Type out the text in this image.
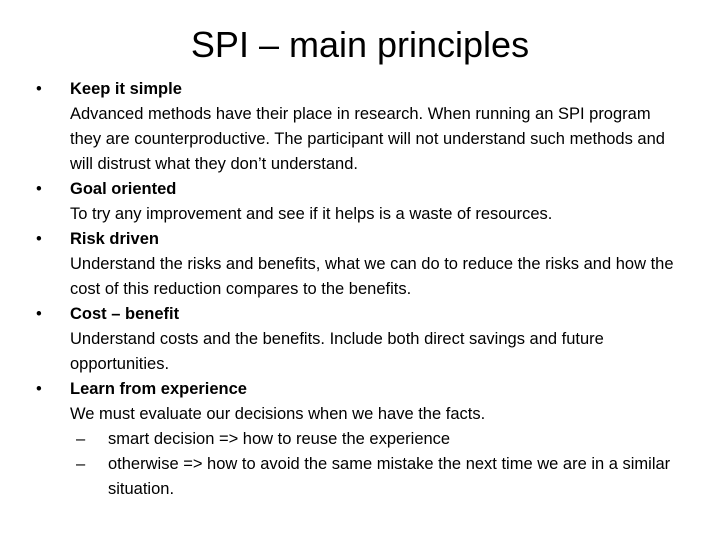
SPI – main principles
•	Keep it simple
Advanced methods have their place in research. When running an SPI program they are counterproductive. The participant will not understand such methods and will distrust what they don’t understand.
•	Goal oriented
To try any improvement and see if it helps is a waste of resources.
•	Risk driven
Understand the risks and benefits, what we can do to reduce the risks and how the cost of this reduction compares to the benefits.
•	Cost – benefit
Understand costs and the benefits. Include both direct savings and future opportunities.
•	Learn from experience
We must evaluate our decisions when we have the facts.
– smart decision => how to reuse the experience
– otherwise => how to avoid the same mistake the next time we are in a similar situation.
